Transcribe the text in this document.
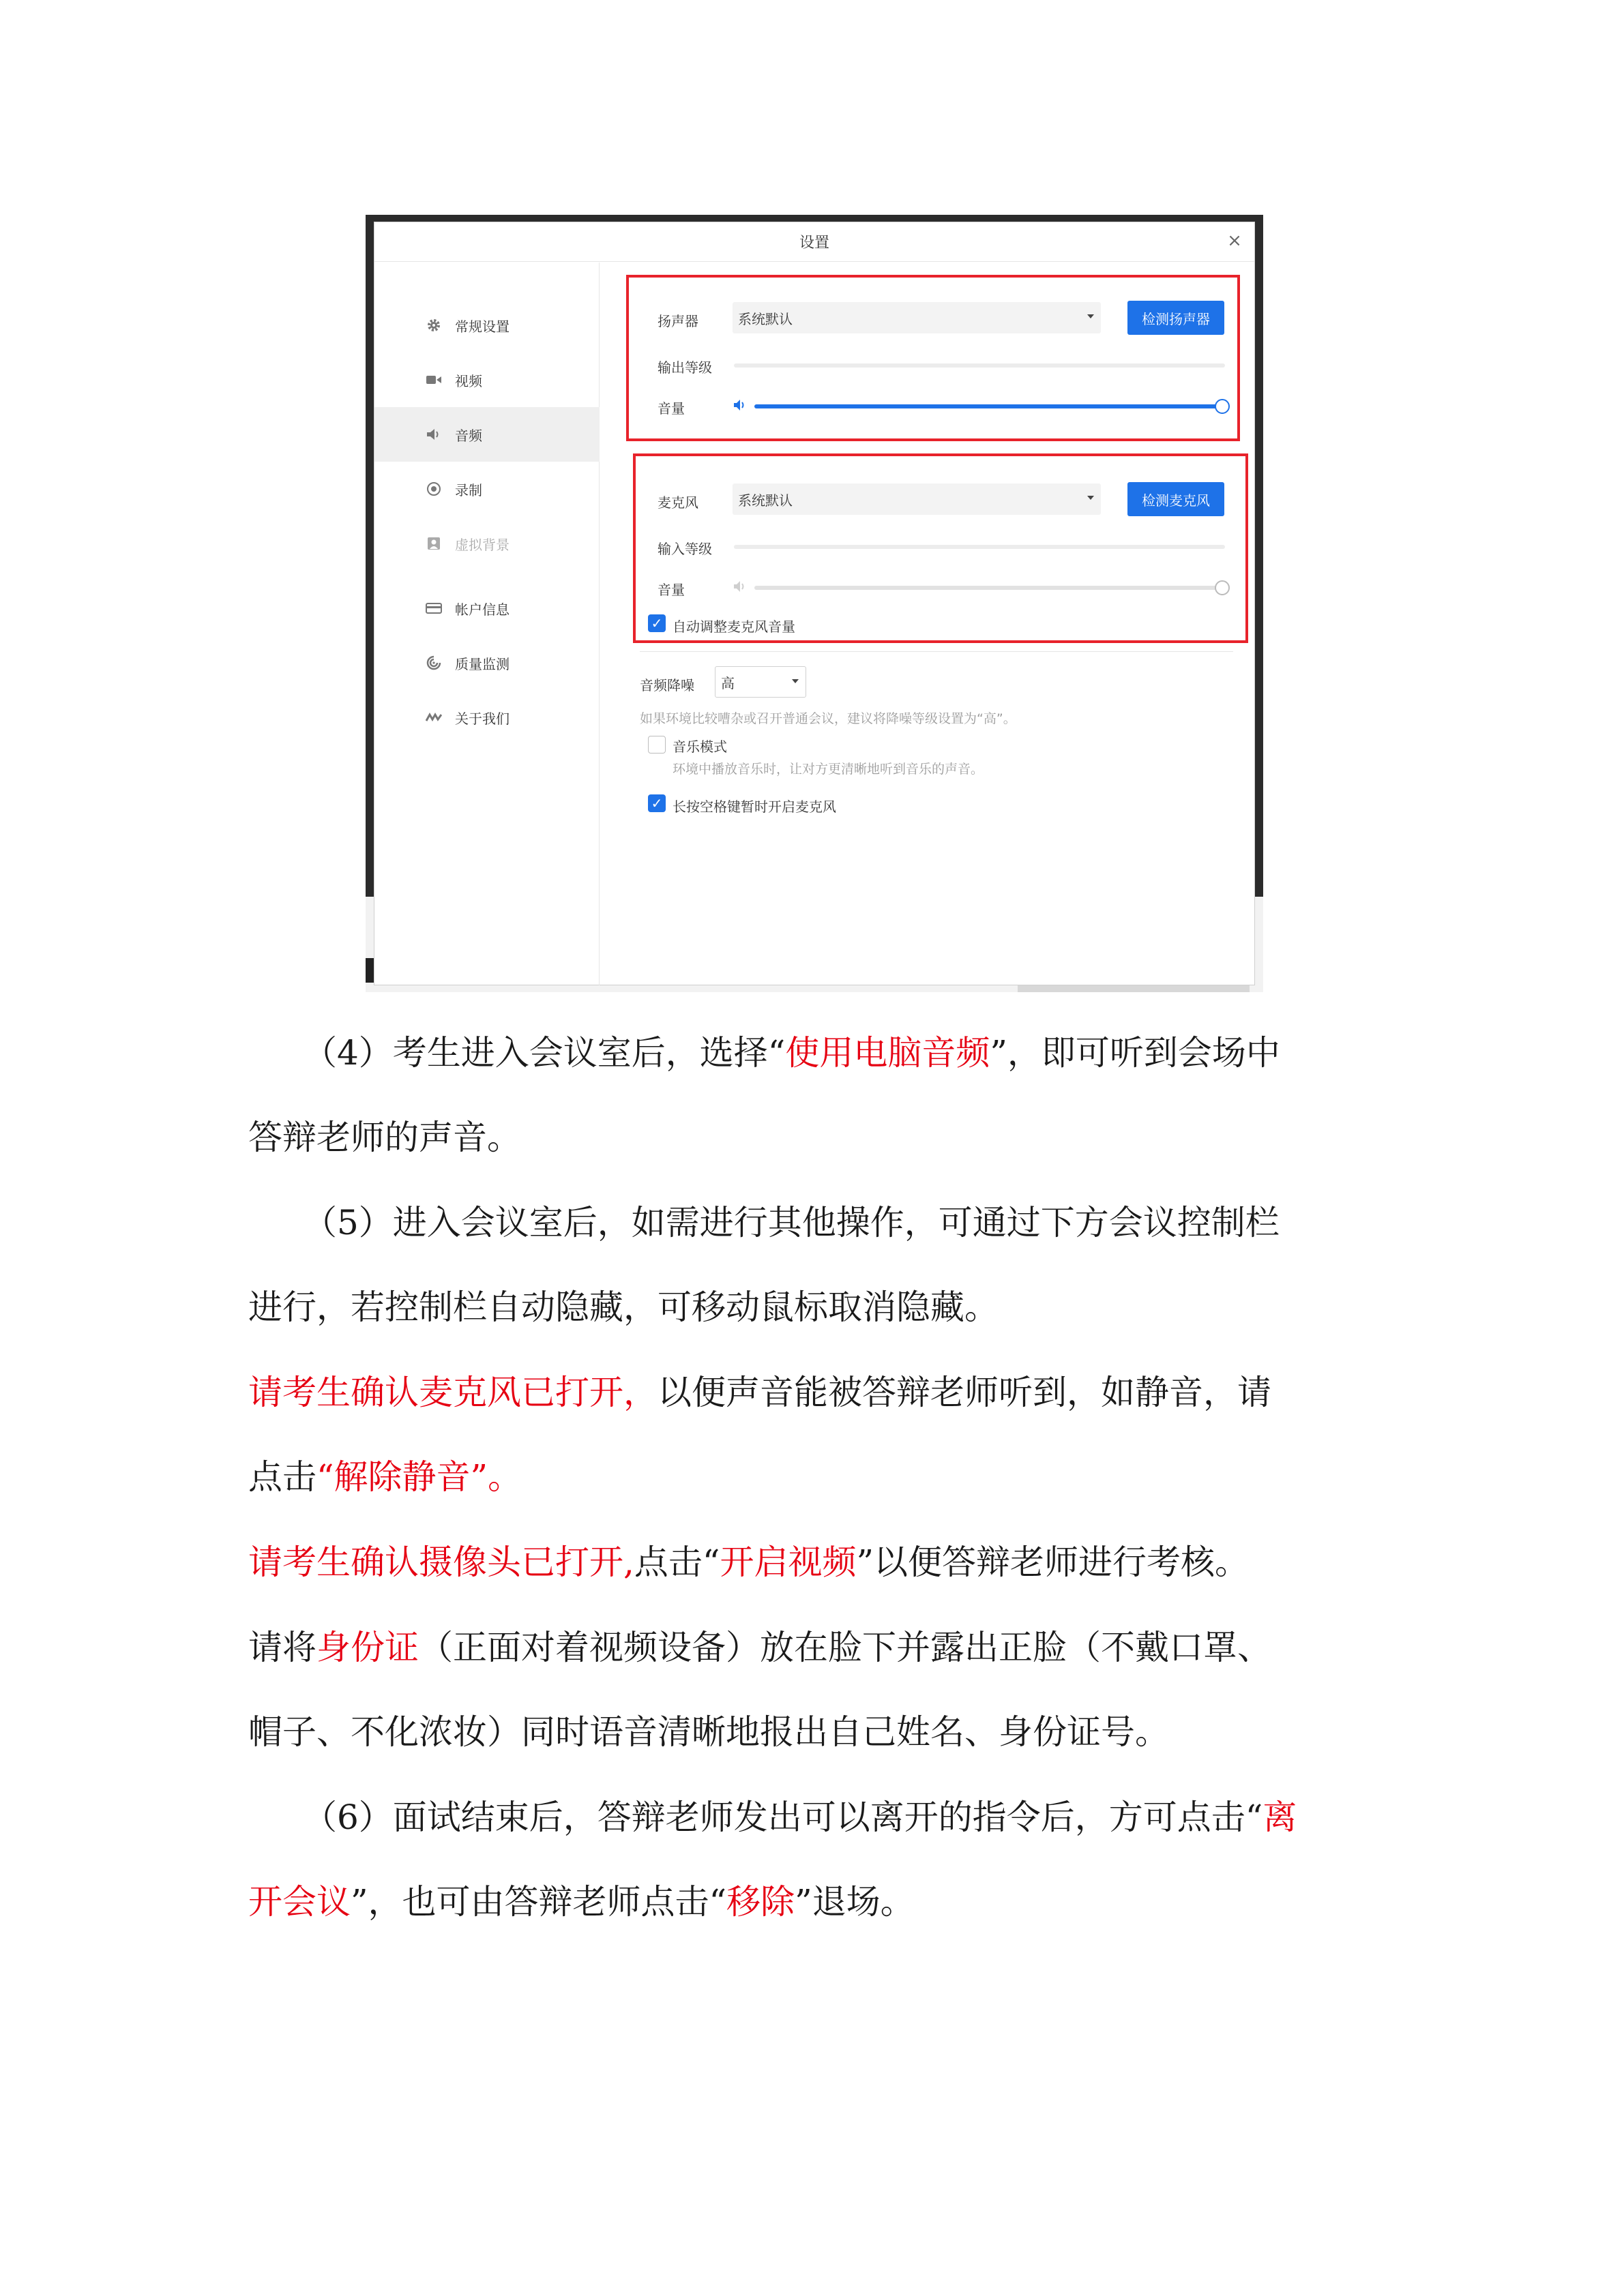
设置	×
常规设置
视频
音频
录制
虚拟背景
帐户信息
质量监测
关于我们
扬声器	系统默认	检测扬声器
输出等级
音量
麦克风	系统默认	检测麦克风
输入等级
音量
✓ 自动调整麦克风音量
音频降噪 高
如果环境比较嘈杂或召开普通会议，建议将降噪等级设置为“高”。
音乐模式
环境中播放音乐时，让对方更清晰地听到音乐的声音。
✓ 长按空格键暂时开启麦克风
（4）考生进入会议室后，选择“使用电脑音频”，即可听到会场中
答辩老师的声音。
（5）进入会议室后，如需进行其他操作，可通过下方会议控制栏
进行，若控制栏自动隐藏，可移动鼠标取消隐藏。
请考生确认麦克风已打开，以便声音能被答辩老师听到，如静音，请
点击“解除静音”。
请考生确认摄像头已打开,点击“开启视频”以便答辩老师进行考核。
请将身份证（正面对着视频设备）放在脸下并露出正脸（不戴口罩、
帽子、不化浓妆）同时语音清晰地报出自己姓名、身份证号。
（6）面试结束后，答辩老师发出可以离开的指令后，方可点击“离
开会议”，也可由答辩老师点击“移除”退场。
